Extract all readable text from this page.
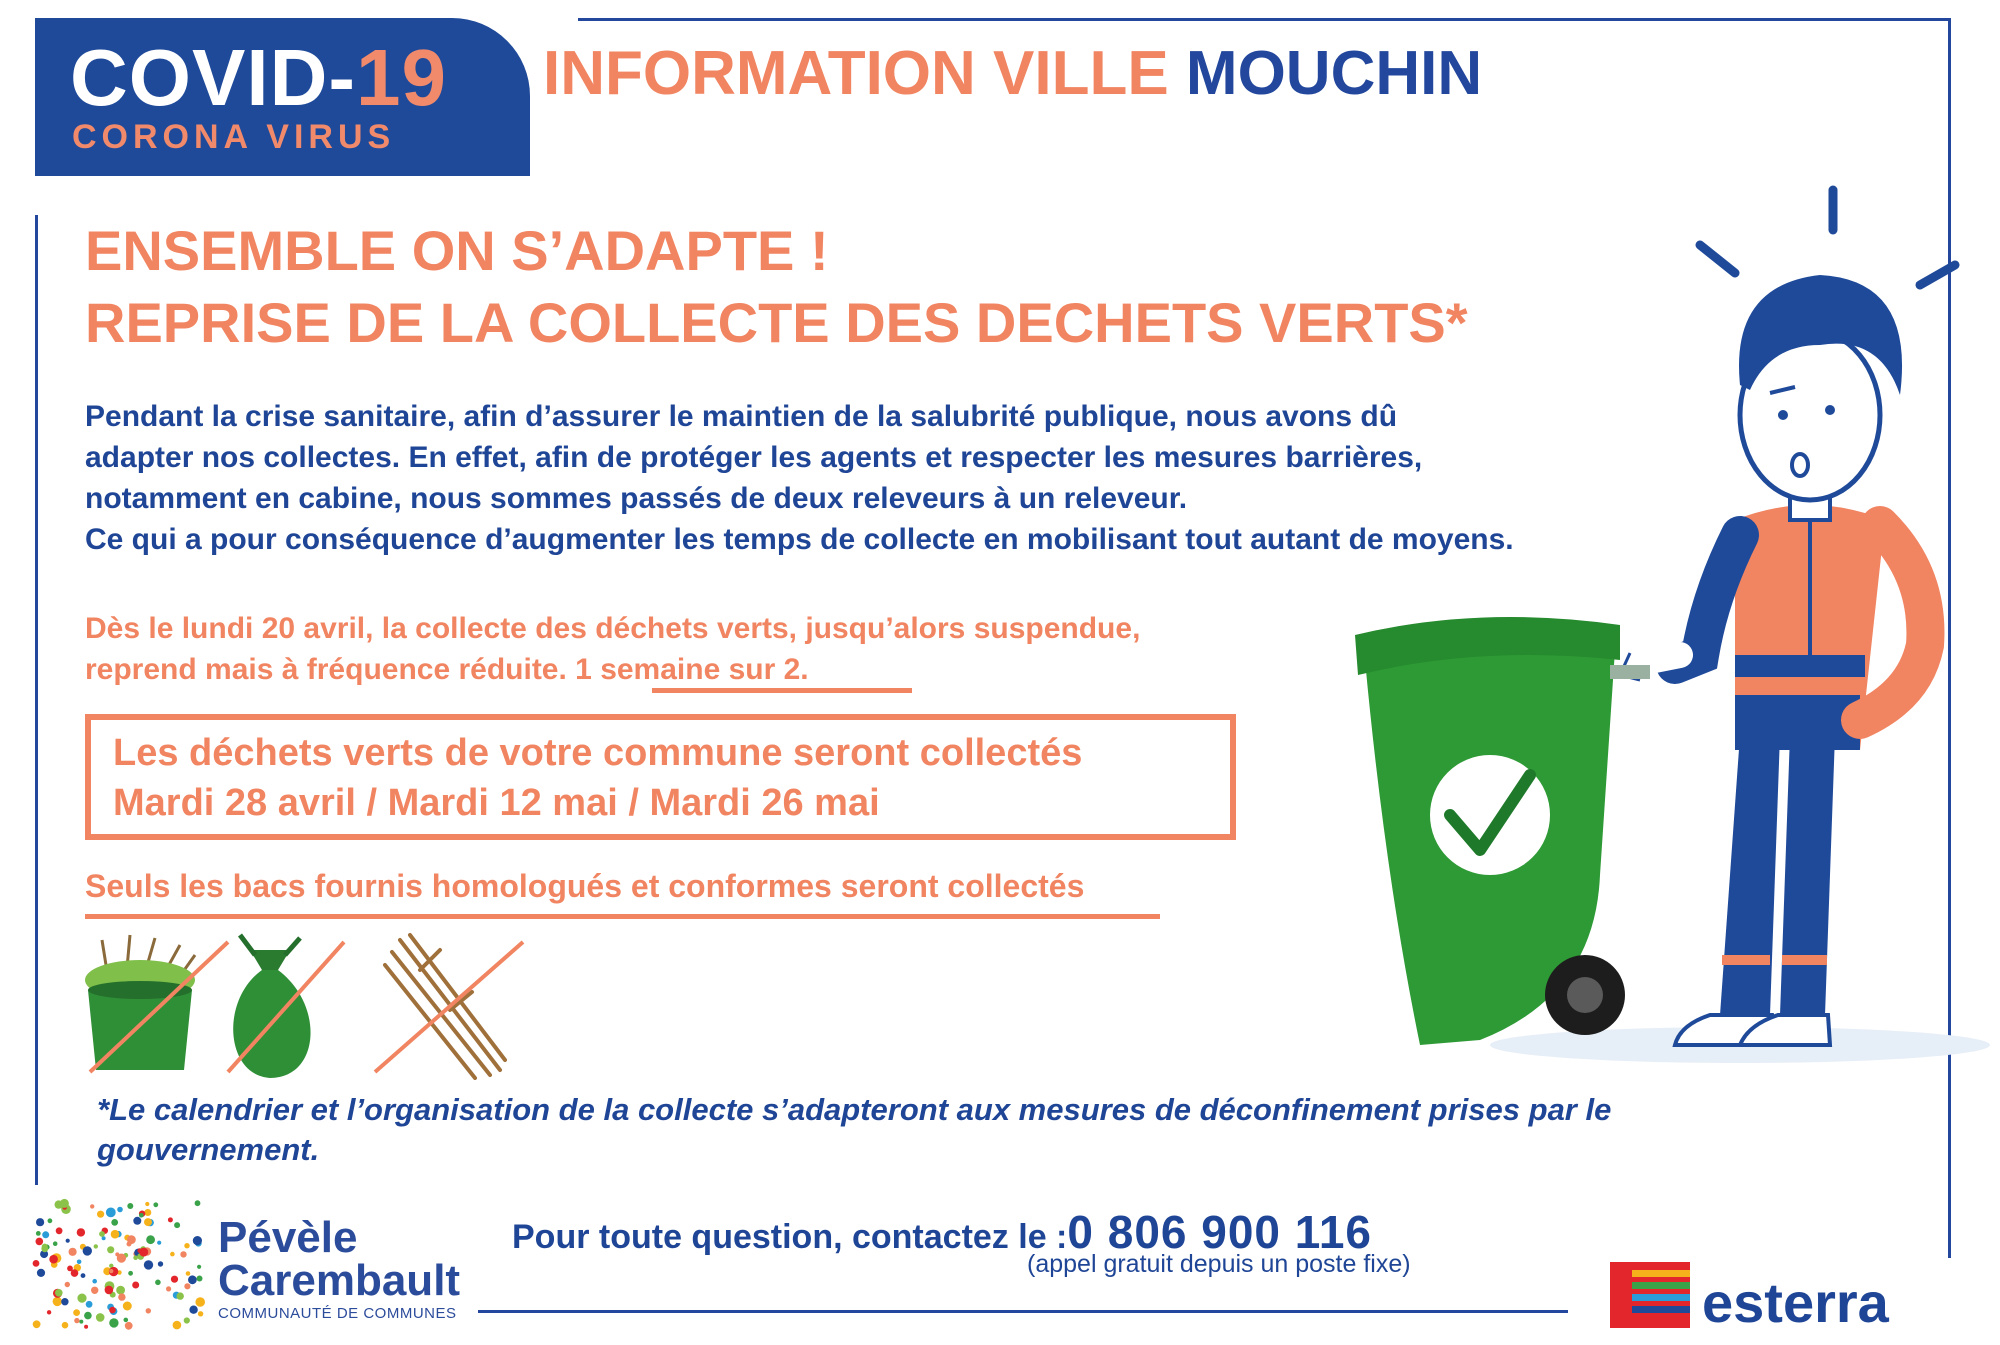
COVID-19
CORONA VIRUS
INFORMATION VILLE MOUCHIN
ENSEMBLE ON S’ADAPTE !
REPRISE DE LA COLLECTE DES DECHETS VERTS*
Pendant la crise sanitaire, afin d’assurer le maintien de la salubrité publique, nous avons dû
adapter nos collectes. En effet, afin de protéger les agents et respecter les mesures barrières,
notamment en cabine, nous sommes passés de deux releveurs à un releveur.
Ce qui a pour conséquence d’augmenter les temps de collecte en mobilisant tout autant de moyens.
Dès le lundi 20 avril, la collecte des déchets verts, jusqu’alors suspendue,
reprend mais à fréquence réduite. 1 semaine sur 2.
Les déchets verts de votre commune seront collectés
Mardi 28 avril / Mardi 12 mai / Mardi 26 mai
Seuls les bacs fournis homologués et conformes seront collectés
*Le calendrier et l’organisation de la collecte s’adapteront aux mesures de déconfinement prises par le
gouvernement.
Pour toute question, contactez le :0 806 900 116
(appel gratuit depuis un poste fixe)
Pévèle
Carembault
COMMUNAUTÉ DE COMMUNES	esterra
